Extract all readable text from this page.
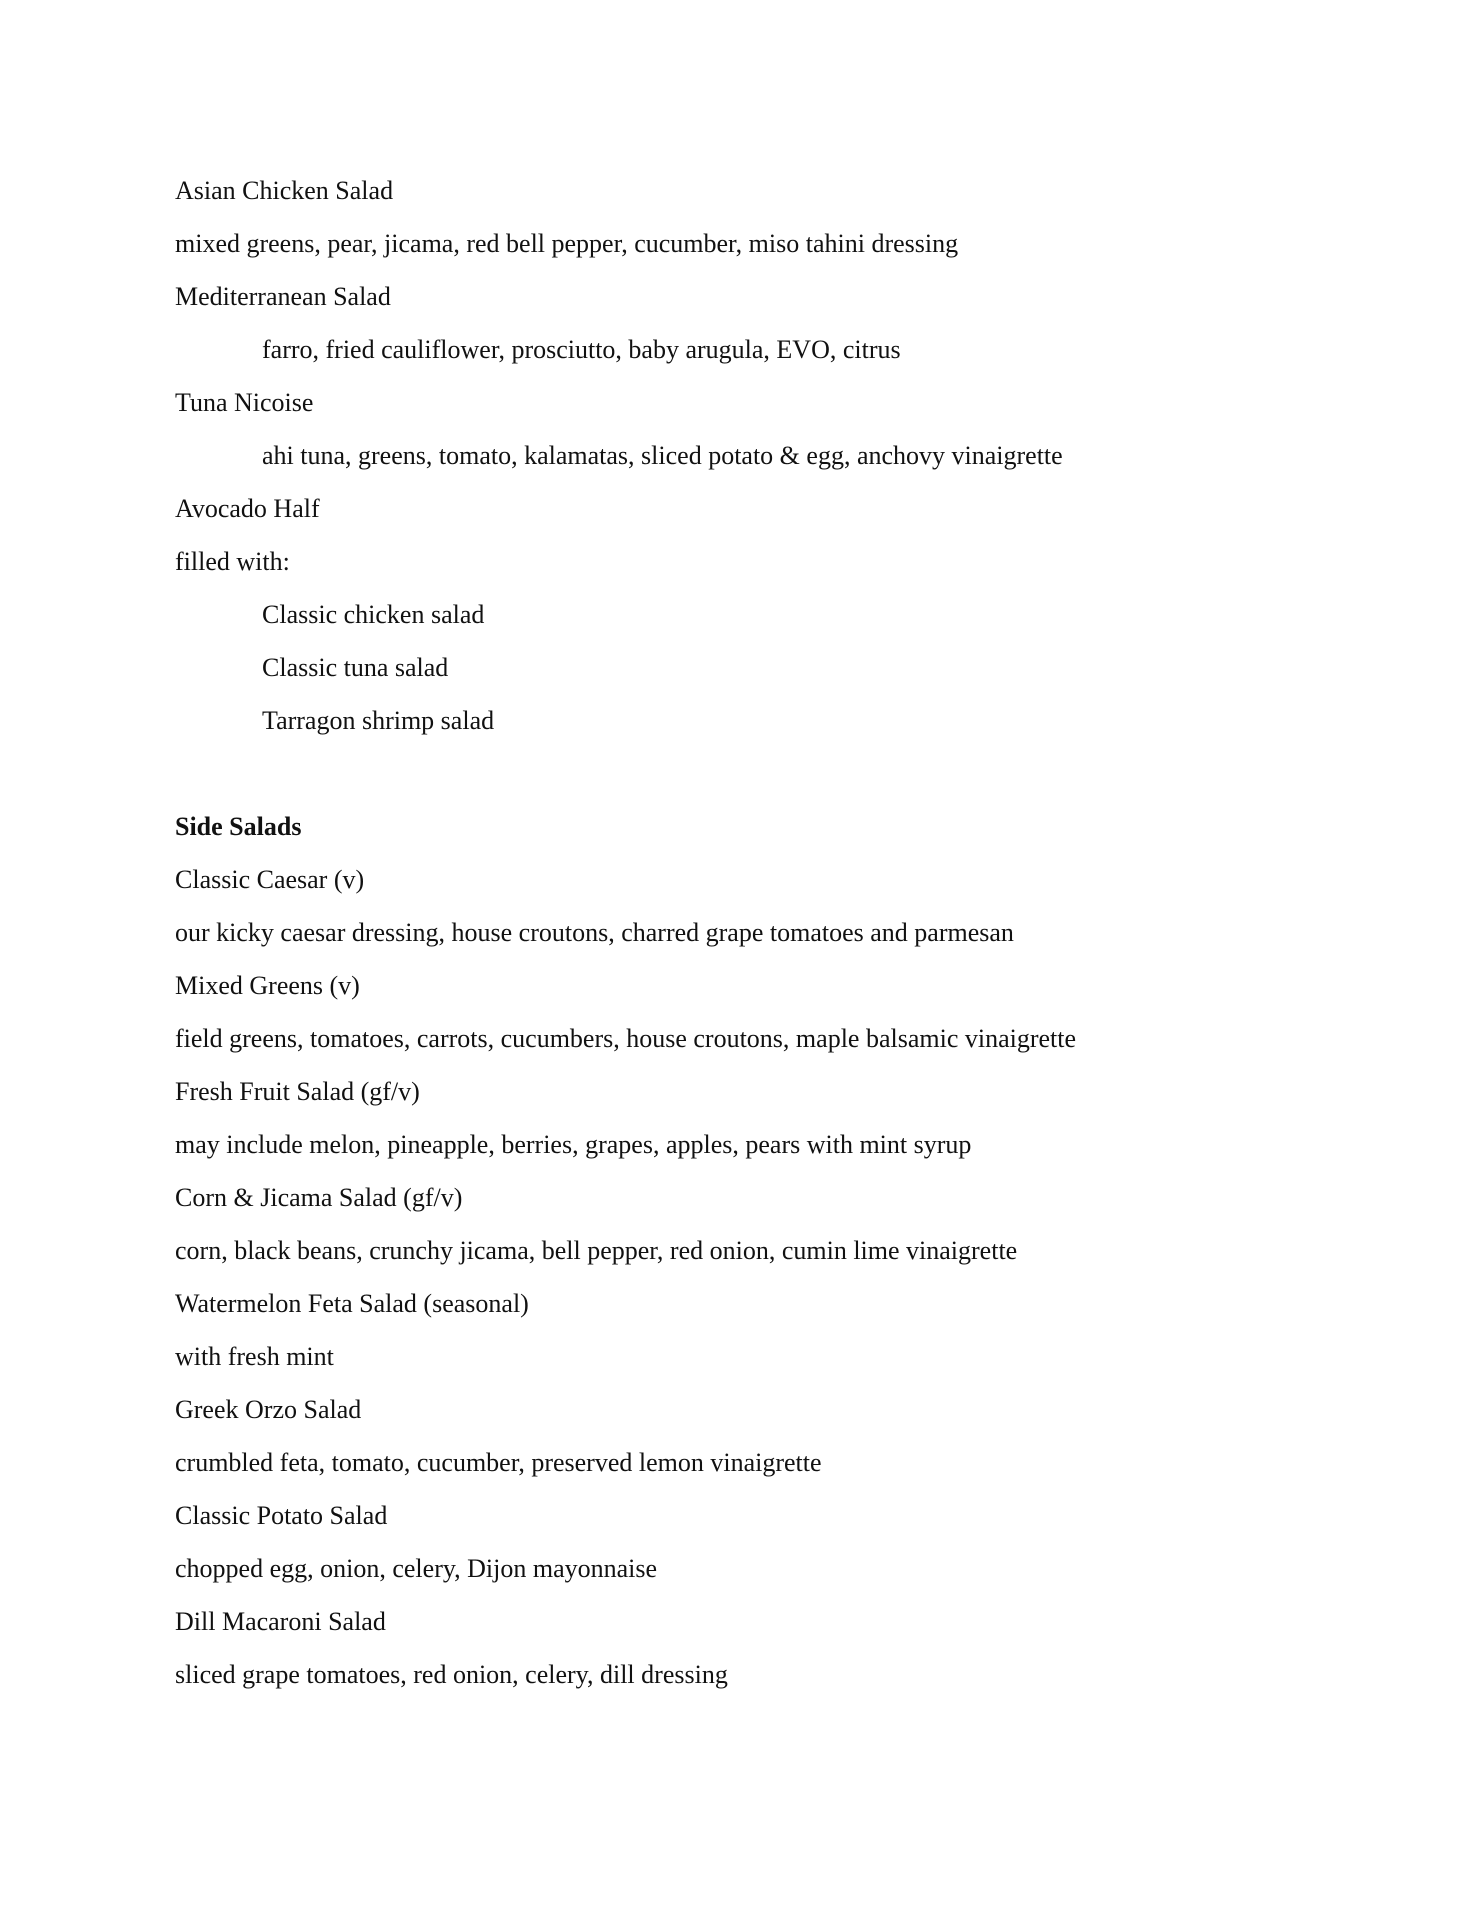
Asian Chicken Salad
mixed greens, pear, jicama, red bell pepper, cucumber, miso tahini dressing
Mediterranean Salad
farro, fried cauliflower, prosciutto, baby arugula, EVO, citrus
Tuna Nicoise
ahi tuna, greens, tomato, kalamatas, sliced potato & egg, anchovy vinaigrette
Avocado Half
filled with:
Classic chicken salad
Classic tuna salad
Tarragon shrimp salad
Side Salads
Classic Caesar (v)
our kicky caesar dressing, house croutons, charred grape tomatoes and parmesan
Mixed Greens (v)
field greens, tomatoes, carrots, cucumbers, house croutons, maple balsamic vinaigrette
Fresh Fruit Salad (gf/v)
may include melon, pineapple, berries, grapes, apples, pears with mint syrup
Corn & Jicama Salad (gf/v)
corn, black beans, crunchy jicama, bell pepper, red onion, cumin lime vinaigrette
Watermelon Feta Salad (seasonal)
with fresh mint
Greek Orzo Salad
crumbled feta, tomato, cucumber, preserved lemon vinaigrette
Classic Potato Salad
chopped egg, onion, celery, Dijon mayonnaise
Dill Macaroni Salad
sliced grape tomatoes, red onion, celery, dill dressing
